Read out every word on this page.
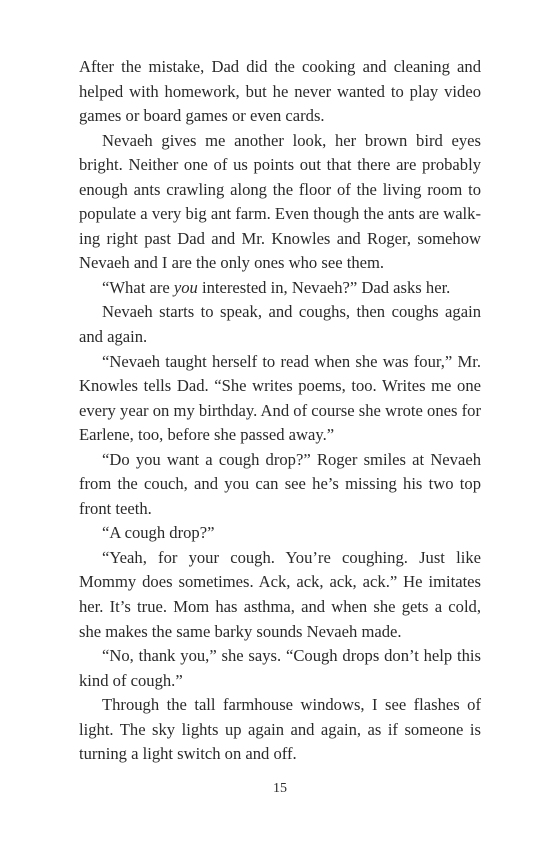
After the mistake, Dad did the cooking and cleaning and helped with homework, but he never wanted to play video games or board games or even cards.

Nevaeh gives me another look, her brown bird eyes bright. Neither one of us points out that there are probably enough ants crawling along the floor of the living room to populate a very big ant farm. Even though the ants are walking right past Dad and Mr. Knowles and Roger, somehow Nevaeh and I are the only ones who see them.

“What are you interested in, Nevaeh?” Dad asks her.

Nevaeh starts to speak, and coughs, then coughs again and again.

“Nevaeh taught herself to read when she was four,” Mr. Knowles tells Dad. “She writes poems, too. Writes me one every year on my birthday. And of course she wrote ones for Earlene, too, before she passed away.”

“Do you want a cough drop?” Roger smiles at Nevaeh from the couch, and you can see he’s missing his two top front teeth.

“A cough drop?”

“Yeah, for your cough. You’re coughing. Just like Mommy does sometimes. Ack, ack, ack, ack.” He imitates her. It’s true. Mom has asthma, and when she gets a cold, she makes the same barky sounds Nevaeh made.

“No, thank you,” she says. “Cough drops don’t help this kind of cough.”

Through the tall farmhouse windows, I see flashes of light. The sky lights up again and again, as if someone is turning a light switch on and off.

15
